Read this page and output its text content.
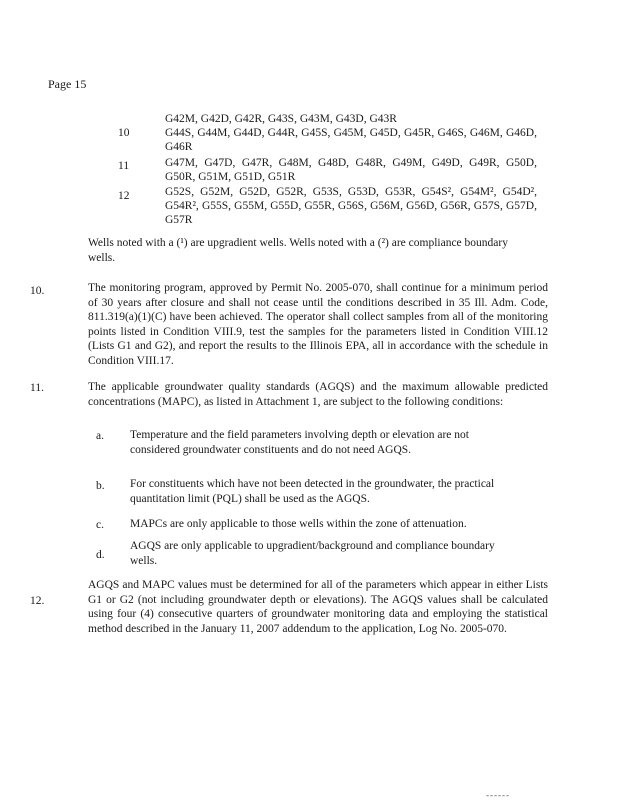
Page 15
G42M, G42D, G42R, G43S, G43M, G43D, G43R
10	G44S, G44M, G44D, G44R, G45S, G45M, G45D, G45R, G46S, G46M, G46D, G46R
11	G47M, G47D, G47R, G48M, G48D, G48R, G49M, G49D, G49R, G50D, G50R, G51M, G51D, G51R
12	G52S, G52M, G52D, G52R, G53S, G53D, G53R, G54S², G54M², G54D², G54R², G55S, G55M, G55D, G55R, G56S, G56M, G56D, G56R, G57S, G57D, G57R
Wells noted with a (¹) are upgradient wells. Wells noted with a (²) are compliance boundary wells.
10.	The monitoring program, approved by Permit No. 2005-070, shall continue for a minimum period of 30 years after closure and shall not cease until the conditions described in 35 Ill. Adm. Code, 811.319(a)(1)(C) have been achieved. The operator shall collect samples from all of the monitoring points listed in Condition VIII.9, test the samples for the parameters listed in Condition VIII.12 (Lists G1 and G2), and report the results to the Illinois EPA, all in accordance with the schedule in Condition VIII.17.
11.	The applicable groundwater quality standards (AGQS) and the maximum allowable predicted concentrations (MAPC), as listed in Attachment 1, are subject to the following conditions:
a. Temperature and the field parameters involving depth or elevation are not considered groundwater constituents and do not need AGQS.
b. For constituents which have not been detected in the groundwater, the practical quantitation limit (PQL) shall be used as the AGQS.
c. MAPCs are only applicable to those wells within the zone of attenuation.
d.
AGQS are only applicable to upgradient/background and compliance boundary wells.
12.
AGQS and MAPC values must be determined for all of the parameters which appear in either Lists G1 or G2 (not including groundwater depth or elevations). The AGQS values shall be calculated using four (4) consecutive quarters of groundwater monitoring data and employing the statistical method described in the January 11, 2007 addendum to the application, Log No. 2005-070.
------
